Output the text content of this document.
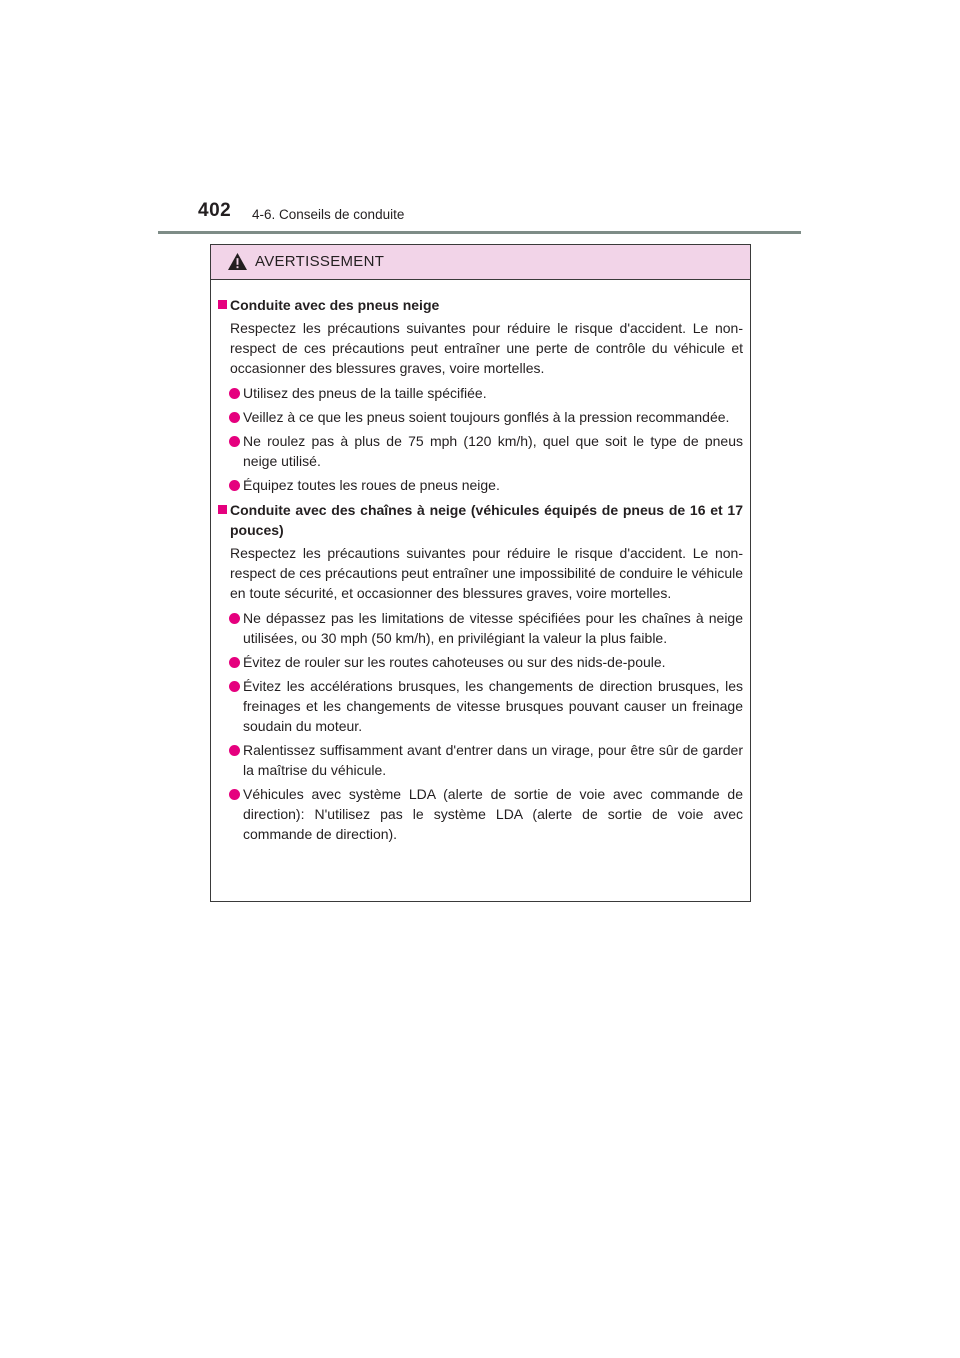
402 4-6. Conseils de conduite
AVERTISSEMENT
Conduite avec des pneus neige
Respectez les précautions suivantes pour réduire le risque d'accident. Le non-respect de ces précautions peut entraîner une perte de contrôle du véhicule et occasionner des blessures graves, voire mortelles.
Utilisez des pneus de la taille spécifiée.
Veillez à ce que les pneus soient toujours gonflés à la pression recommandée.
Ne roulez pas à plus de 75 mph (120 km/h), quel que soit le type de pneus neige utilisé.
Équipez toutes les roues de pneus neige.
Conduite avec des chaînes à neige (véhicules équipés de pneus de 16 et 17 pouces)
Respectez les précautions suivantes pour réduire le risque d'accident. Le non-respect de ces précautions peut entraîner une impossibilité de conduire le véhicule en toute sécurité, et occasionner des blessures graves, voire mortelles.
Ne dépassez pas les limitations de vitesse spécifiées pour les chaînes à neige utilisées, ou 30 mph (50 km/h), en privilégiant la valeur la plus faible.
Évitez de rouler sur les routes cahoteuses ou sur des nids-de-poule.
Évitez les accélérations brusques, les changements de direction brusques, les freinages et les changements de vitesse brusques pouvant causer un freinage soudain du moteur.
Ralentissez suffisamment avant d'entrer dans un virage, pour être sûr de garder la maîtrise du véhicule.
Véhicules avec système LDA (alerte de sortie de voie avec commande de direction): N'utilisez pas le système LDA (alerte de sortie de voie avec commande de direction).
